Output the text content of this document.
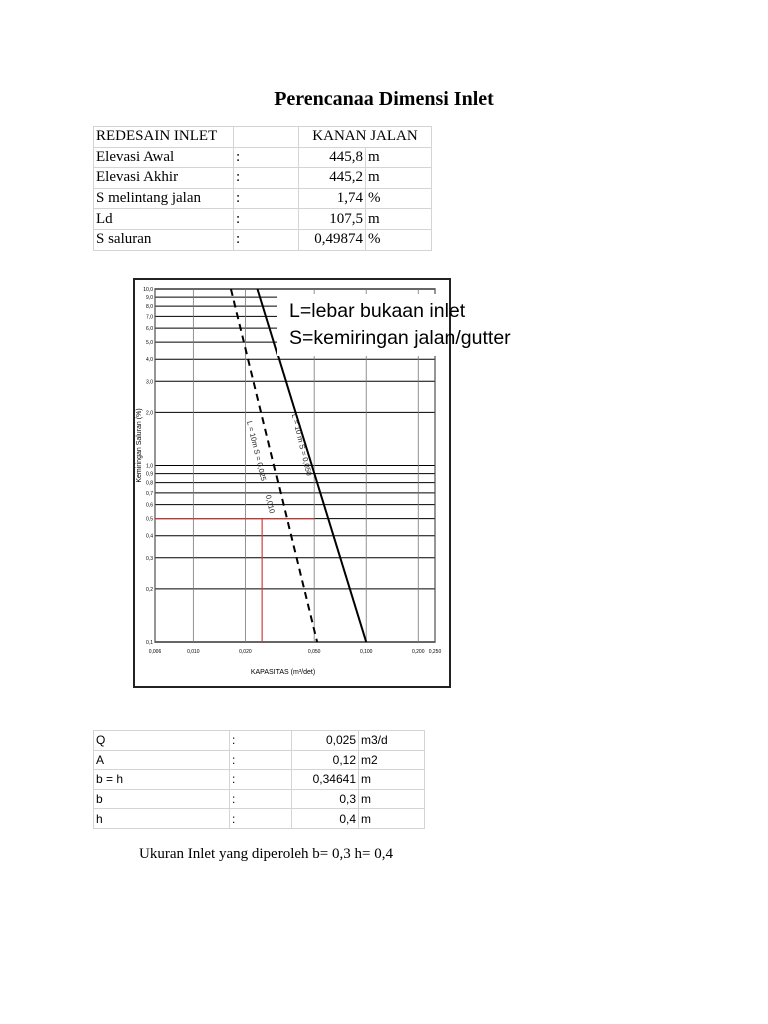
Perencanaa Dimensi Inlet
REDESAIN INLET		KANAN JALAN	
Elevasi Awal	:	445,8	m
Elevasi Akhir	:	445,2	m
S melintang jalan	:	1,74	%
Ld	:	107,5	m
S saluran	:	0,49874	%
0,1
0,2
0,3
0,4
0,5
0,6
0,7
0,8
0,9
1,0
2,0
3,0
4,0
5,0
6,0
7,0
8,0
9,0
10,0
0,006	0,010	0,020	0,050	0,100	0,200 0,250
L = 10m S = 0,025
0,010
L = 10 m S = 0,050
L=lebar bukaan inlet
S=kemiringan jalan/gutter
KAPASITAS (m³/det)
Kemiringan Saluran (%)
Q	:	0,025	m3/d
A	:	0,12	m2
b = h	:	0,34641	m
b	:	0,3	m
h	:	0,4	m
Ukuran Inlet yang diperoleh b= 0,3 h= 0,4
